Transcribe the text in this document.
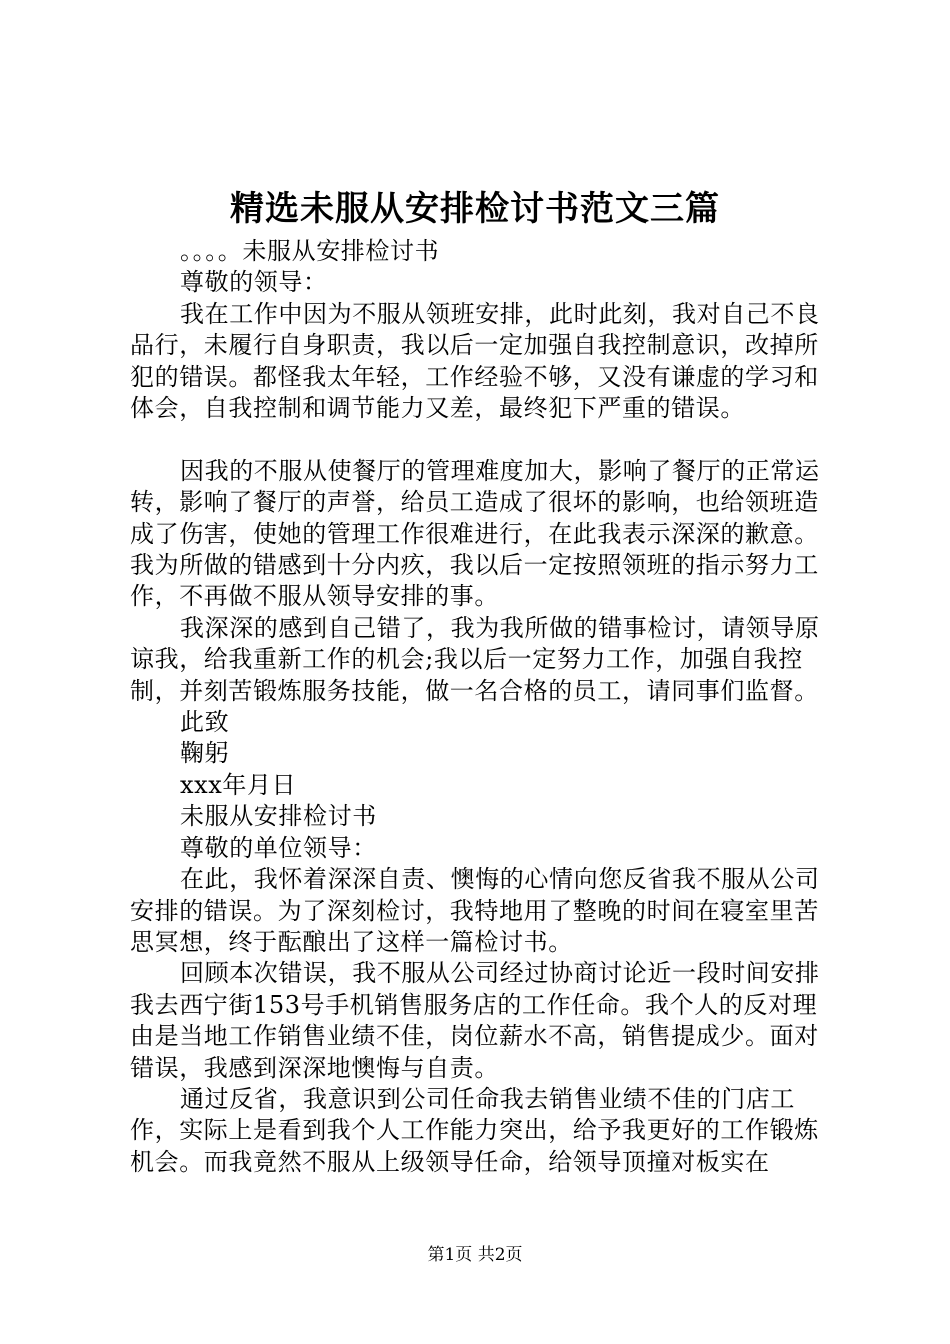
精选未服从安排检讨书范文三篇

。。。。未服从安排检讨书

尊敬的领导：

我在工作中因为不服从领班安排，此时此刻，我对自己不良品行，未履行自身职责，我以后一定加强自我控制意识，改掉所犯的错误。都怪我太年轻，工作经验不够，又没有谦虚的学习和体会，自我控制和调节能力又差，最终犯下严重的错误。

因我的不服从使餐厅的管理难度加大，影响了餐厅的正常运转，影响了餐厅的声誉，给员工造成了很坏的影响，也给领班造成了伤害，使她的管理工作很难进行，在此我表示深深的歉意。我为所做的错感到十分内疚，我以后一定按照领班的指示努力工作，不再做不服从领导安排的事。

我深深的感到自己错了，我为我所做的错事检讨，请领导原谅我，给我重新工作的机会;我以后一定努力工作，加强自我控制，并刻苦锻炼服务技能，做一名合格的员工，请同事们监督。

此致

鞠躬

xxx年月日

未服从安排检讨书

尊敬的单位领导：

在此，我怀着深深自责、懊悔的心情向您反省我不服从公司安排的错误。为了深刻检讨，我特地用了整晚的时间在寝室里苦思冥想，终于酝酿出了这样一篇检讨书。

回顾本次错误，我不服从公司经过协商讨论近一段时间安排我去西宁街153号手机销售服务店的工作任命。我个人的反对理由是当地工作销售业绩不佳，岗位薪水不高，销售提成少。面对错误，我感到深深地懊悔与自责。

通过反省，我意识到公司任命我去销售业绩不佳的门店工作，实际上是看到我个人工作能力突出，给予我更好的工作锻炼机会。而我竟然不服从上级领导任命，给领导顶撞对板实在

第1页 共2页
